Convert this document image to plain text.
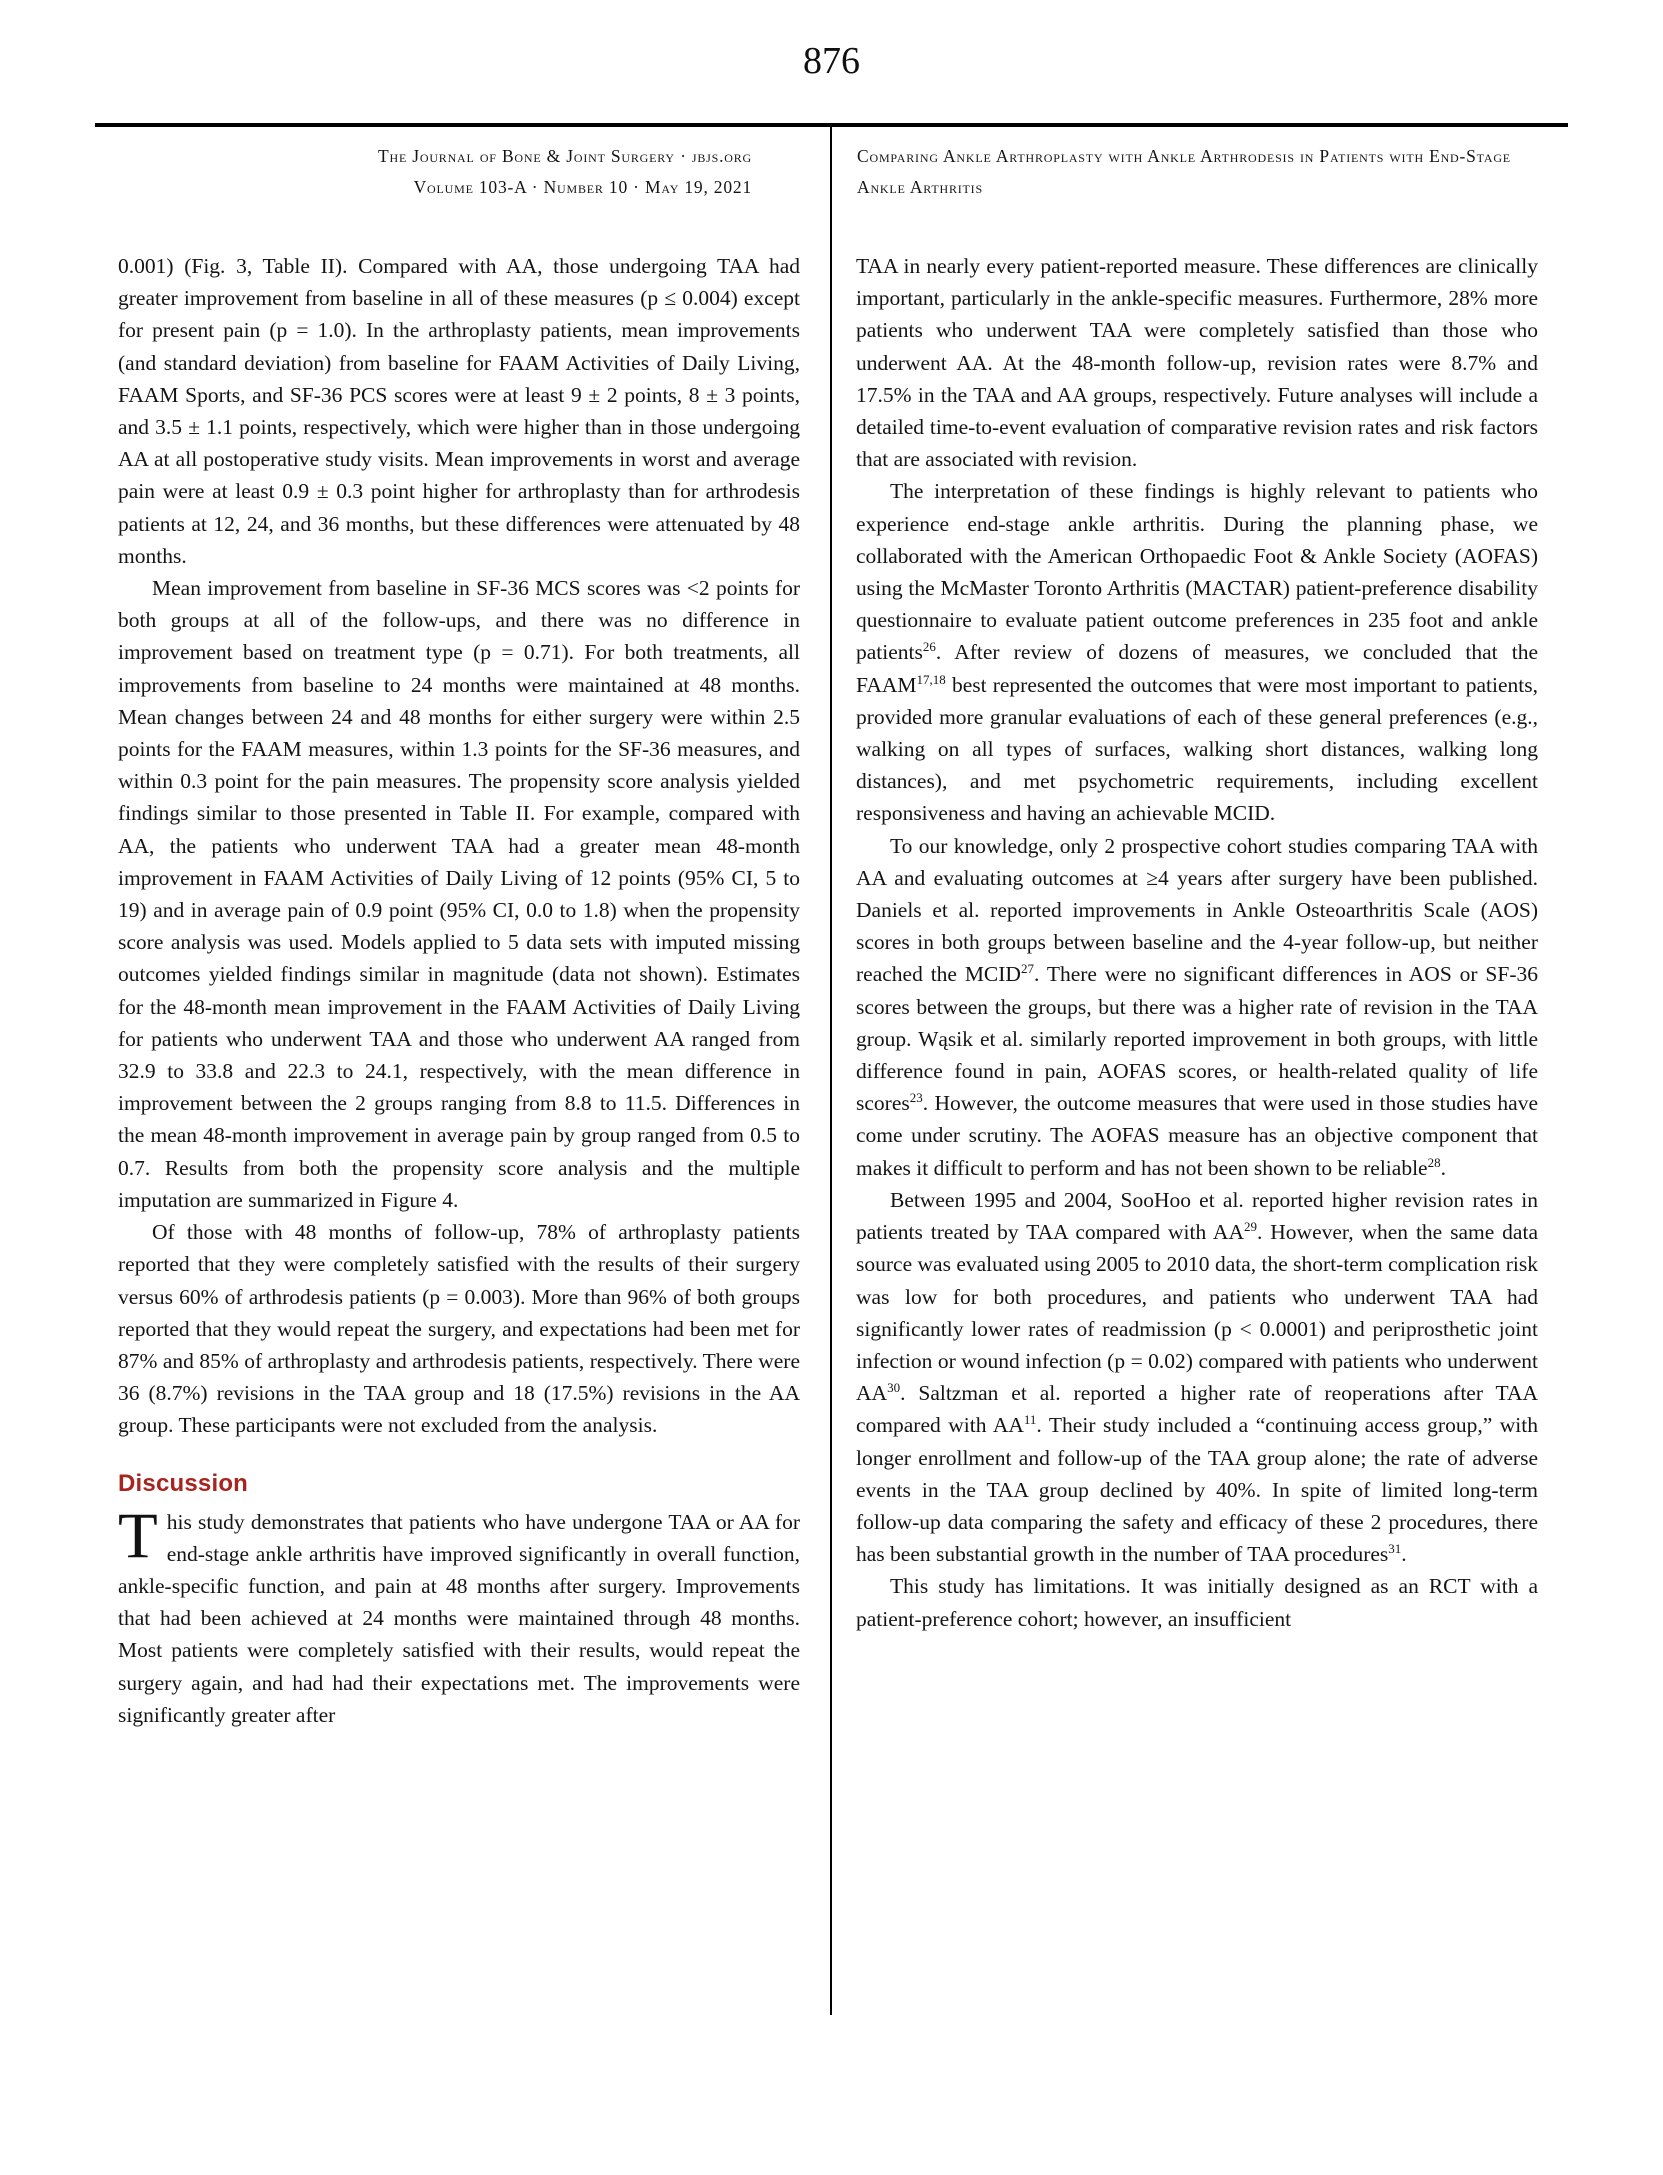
876
The Journal of Bone & Joint Surgery · jbjs.org
Volume 103-A · Number 10 · May 19, 2021
Comparing Ankle Arthroplasty with Ankle Arthrodesis in Patients with End-Stage Ankle Arthritis

0.001) (Fig. 3, Table II). Compared with AA, those undergoing TAA had greater improvement from baseline in all of these measures (p ≤ 0.004) except for present pain (p = 1.0). In the arthroplasty patients, mean improvements (and standard deviation) from baseline for FAAM Activities of Daily Living, FAAM Sports, and SF-36 PCS scores were at least 9 ± 2 points, 8 ± 3 points, and 3.5 ± 1.1 points, respectively, which were higher than in those undergoing AA at all postoperative study visits. Mean improvements in worst and average pain were at least 0.9 ± 0.3 point higher for arthroplasty than for arthrodesis patients at 12, 24, and 36 months, but these differences were attenuated by 48 months.

Mean improvement from baseline in SF-36 MCS scores was <2 points for both groups at all of the follow-ups, and there was no difference in improvement based on treatment type (p = 0.71). For both treatments, all improvements from baseline to 24 months were maintained at 48 months. Mean changes between 24 and 48 months for either surgery were within 2.5 points for the FAAM measures, within 1.3 points for the SF-36 measures, and within 0.3 point for the pain measures. The propensity score analysis yielded findings similar to those presented in Table II. For example, compared with AA, the patients who underwent TAA had a greater mean 48-month improvement in FAAM Activities of Daily Living of 12 points (95% CI, 5 to 19) and in average pain of 0.9 point (95% CI, 0.0 to 1.8) when the propensity score analysis was used. Models applied to 5 data sets with imputed missing outcomes yielded findings similar in magnitude (data not shown). Estimates for the 48-month mean improvement in the FAAM Activities of Daily Living for patients who underwent TAA and those who underwent AA ranged from 32.9 to 33.8 and 22.3 to 24.1, respectively, with the mean difference in improvement between the 2 groups ranging from 8.8 to 11.5. Differences in the mean 48-month improvement in average pain by group ranged from 0.5 to 0.7. Results from both the propensity score analysis and the multiple imputation are summarized in Figure 4.

Of those with 48 months of follow-up, 78% of arthroplasty patients reported that they were completely satisfied with the results of their surgery versus 60% of arthrodesis patients (p = 0.003). More than 96% of both groups reported that they would repeat the surgery, and expectations had been met for 87% and 85% of arthroplasty and arthrodesis patients, respectively. There were 36 (8.7%) revisions in the TAA group and 18 (17.5%) revisions in the AA group. These participants were not excluded from the analysis.

Discussion

This study demonstrates that patients who have undergone TAA or AA for end-stage ankle arthritis have improved significantly in overall function, ankle-specific function, and pain at 48 months after surgery. Improvements that had been achieved at 24 months were maintained through 48 months. Most patients were completely satisfied with their results, would repeat the surgery again, and had had their expectations met. The improvements were significantly greater after

TAA in nearly every patient-reported measure. These differences are clinically important, particularly in the ankle-specific measures. Furthermore, 28% more patients who underwent TAA were completely satisfied than those who underwent AA. At the 48-month follow-up, revision rates were 8.7% and 17.5% in the TAA and AA groups, respectively. Future analyses will include a detailed time-to-event evaluation of comparative revision rates and risk factors that are associated with revision.

The interpretation of these findings is highly relevant to patients who experience end-stage ankle arthritis. During the planning phase, we collaborated with the American Orthopaedic Foot & Ankle Society (AOFAS) using the McMaster Toronto Arthritis (MACTAR) patient-preference disability questionnaire to evaluate patient outcome preferences in 235 foot and ankle patients$^{26}$. After review of dozens of measures, we concluded that the FAAM$^{17,18}$ best represented the outcomes that were most important to patients, provided more granular evaluations of each of these general preferences (e.g., walking on all types of surfaces, walking short distances, walking long distances), and met psychometric requirements, including excellent responsiveness and having an achievable MCID.

To our knowledge, only 2 prospective cohort studies comparing TAA with AA and evaluating outcomes at ≥4 years after surgery have been published. Daniels et al. reported improvements in Ankle Osteoarthritis Scale (AOS) scores in both groups between baseline and the 4-year follow-up, but neither reached the MCID$^{27}$. There were no significant differences in AOS or SF-36 scores between the groups, but there was a higher rate of revision in the TAA group. Wąsik et al. similarly reported improvement in both groups, with little difference found in pain, AOFAS scores, or health-related quality of life scores$^{23}$. However, the outcome measures that were used in those studies have come under scrutiny. The AOFAS measure has an objective component that makes it difficult to perform and has not been shown to be reliable$^{28}$.

Between 1995 and 2004, SooHoo et al. reported higher revision rates in patients treated by TAA compared with AA$^{29}$. However, when the same data source was evaluated using 2005 to 2010 data, the short-term complication risk was low for both procedures, and patients who underwent TAA had significantly lower rates of readmission (p < 0.0001) and periprosthetic joint infection or wound infection (p = 0.02) compared with patients who underwent AA$^{30}$. Saltzman et al. reported a higher rate of reoperations after TAA compared with AA$^{11}$. Their study included a “continuing access group,” with longer enrollment and follow-up of the TAA group alone; the rate of adverse events in the TAA group declined by 40%. In spite of limited long-term follow-up data comparing the safety and efficacy of these 2 procedures, there has been substantial growth in the number of TAA procedures$^{31}$.

This study has limitations. It was initially designed as an RCT with a patient-preference cohort; however, an insufficient
